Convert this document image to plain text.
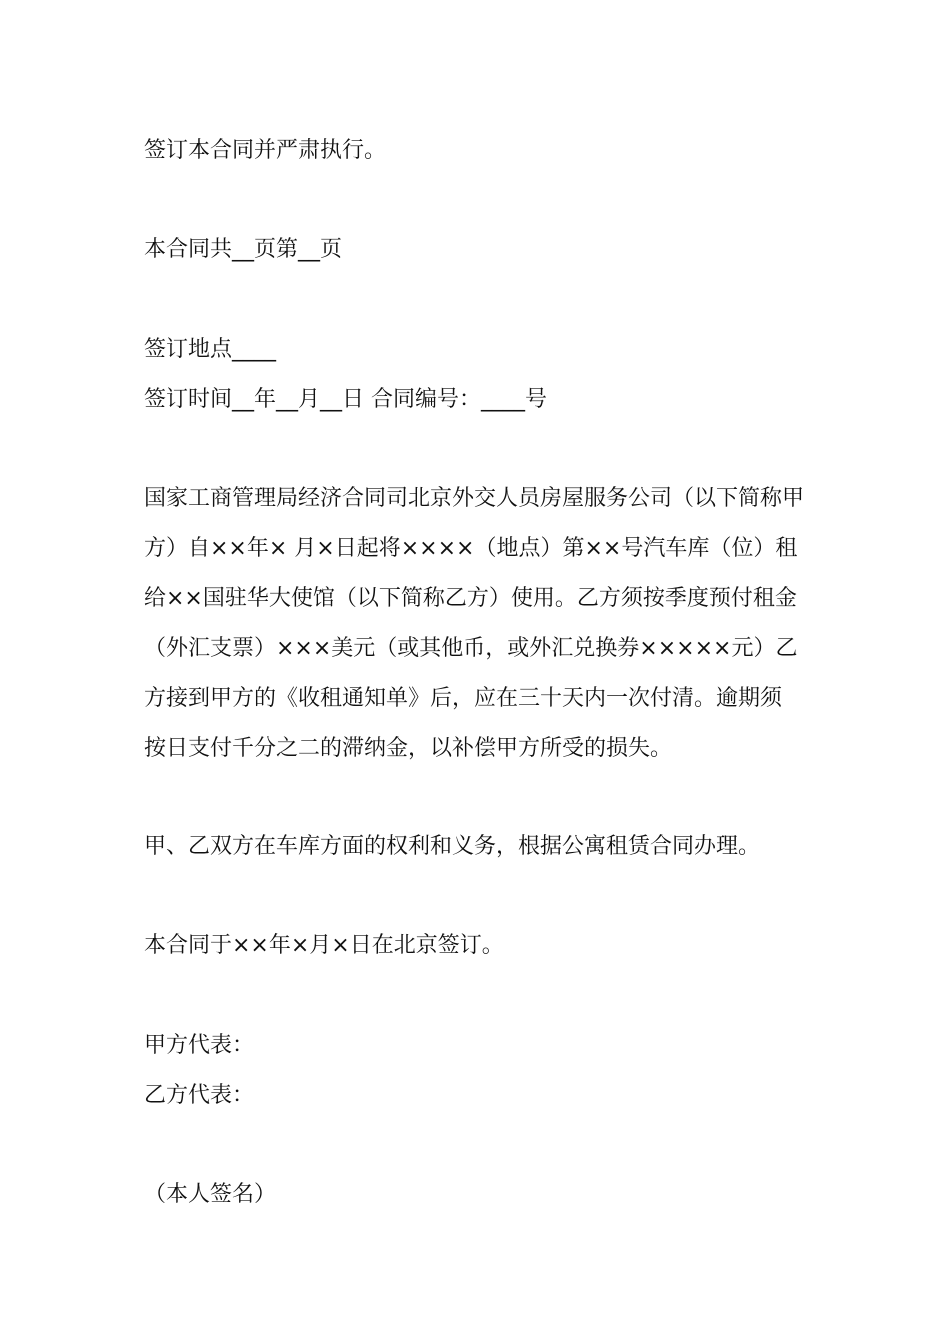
签订本合同并严肃执行。
本合同共__页第__页
签订地点____
签订时间__年__月__日 合同编号：____号
国家工商管理局经济合同司北京外交人员房屋服务公司（以下简称甲
方）自××年× 月×日起将××××（地点）第××号汽车库（位）租
给××国驻华大使馆（以下简称乙方）使用。乙方须按季度预付租金
（外汇支票）×××美元（或其他币，或外汇兑换券×××××元）乙
方接到甲方的《收租通知单》后，应在三十天内一次付清。逾期须
按日支付千分之二的滞纳金，以补偿甲方所受的损失。
甲、乙双方在车库方面的权利和义务，根据公寓租赁合同办理。
本合同于××年×月×日在北京签订。
甲方代表：
乙方代表：
（本人签名）
